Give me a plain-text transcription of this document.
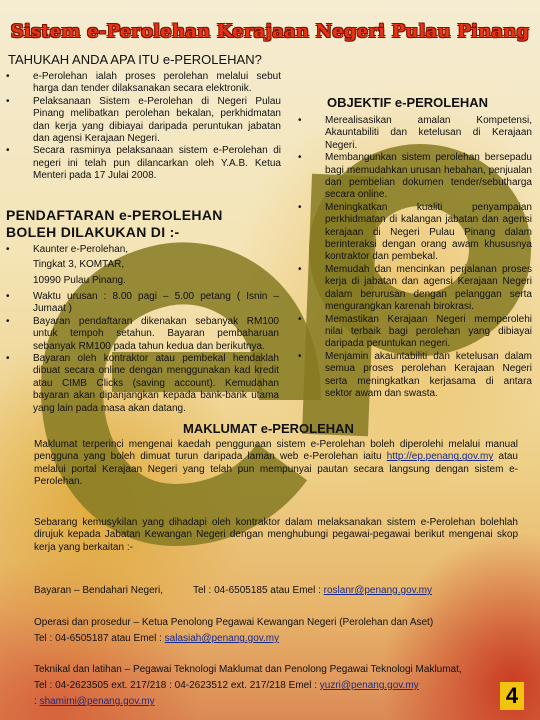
Sistem e-Perolehan Kerajaan Negeri Pulau Pinang
TAHUKAH ANDA APA ITU e-PEROLEHAN?
• e-Perolehan ialah proses perolehan melalui sebut harga dan tender dilaksanakan secara elektronik.
• Pelaksanaan Sistem e-Perolehan di Negeri Pulau Pinang melibatkan perolehan bekalan, perkhidmatan dan kerja yang dibiayai daripada peruntukan jabatan dan agensi Kerajaan Negeri.
• Secara rasminya pelaksanaan sistem e-Perolehan di negeri ini telah pun dilancarkan oleh Y.A.B. Ketua Menteri pada 17 Julai 2008.
PENDAFTARAN e-PEROLEHAN BOLEH DILAKUKAN DI :-
• Kaunter e-Perolehan,
Tingkat 3, KOMTAR,
10990 Pulau Pinang.
• Waktu urusan : 8.00 pagi – 5.00 petang ( Isnin – Jumaat )
• Bayaran pendaftaran dikenakan sebanyak RM100 untuk tempoh setahun. Bayaran pembaharuan sebanyak RM100 pada tahun kedua dan berikutnya.
• Bayaran oleh kontraktor atau pembekal hendaklah dibuat secara online dengan menggunakan kad kredit atau CIMB Clicks (saving account). Kemudahan bayaran akan dipanjangkan kepada bank-bank utama yang lain pada masa akan datang.
OBJEKTIF e-PEROLEHAN
• Merealisasikan amalan Kompetensi, Akauntabiliti dan ketelusan di Kerajaan Negeri.
• Membangunkan sistem perolehan bersepadu bagi memudahkan urusan hebahan, penjualan dan pembelian dokumen tender/sebutharga secara online.
• Meningkatkan kualiti penyampaian perkhidmatan di kalangan jabatan dan agensi kerajaan di Negeri Pulau Pinang dalam berinteraksi dengan orang awam khususnya kontraktor dan pembekal.
• Memudah dan mencinkan perjalanan proses kerja di jabatan dan agensi Kerajaan Negeri dalam berurusan dengan pelanggan serta mengurangkan karenah birokrasi.
• Memastikan Kerajaan Negeri memperolehi nilai terbaik bagi perolehan yang dibiayai daripada peruntukan negeri.
• Menjamin akauntabiliti dan ketelusan dalam semua proses perolehan Kerajaan Negeri serta meningkatkan kerjasama di antara sektor awam dan swasta.
MAKLUMAT e-PEROLEHAN
Maklumat terperinci mengenai kaedah penggunaan sistem e-Perolehan boleh diperolehi melalui manual pengguna yang boleh dimuat turun daripada laman web e-Perolehan iaitu http://ep.penang.gov.my atau melalui portal Kerajaan Negeri yang telah pun mempunyai pautan secara langsung dengan sistem e-Perolehan.
Sebarang kemusykilan yang dihadapi oleh kontraktor dalam melaksanakan sistem e-Perolehan bolehlah dirujuk kepada Jabatan Kewangan Negeri dengan menghubungi pegawai-pegawai berikut mengenai skop kerja yang berkaitan :-
Bayaran – Bendahari Negeri,	Tel : 04-6505185 atau Emel : roslanr@penang.gov.my
Operasi dan prosedur – Ketua Penolong Pegawai Kewangan Negeri (Perolehan dan Aset)
Tel : 04-6505187 atau Emel : salasiah@penang.gov.my
Teknikal dan latihan – Pegawai Teknologi Maklumat dan Penolong Pegawai Teknologi Maklumat,
Tel : 04-2623505 ext. 217/218 : 04-2623512 ext. 217/218 Emel : yuzri@penang.gov.my
: shamimi@penang.gov.my	4
